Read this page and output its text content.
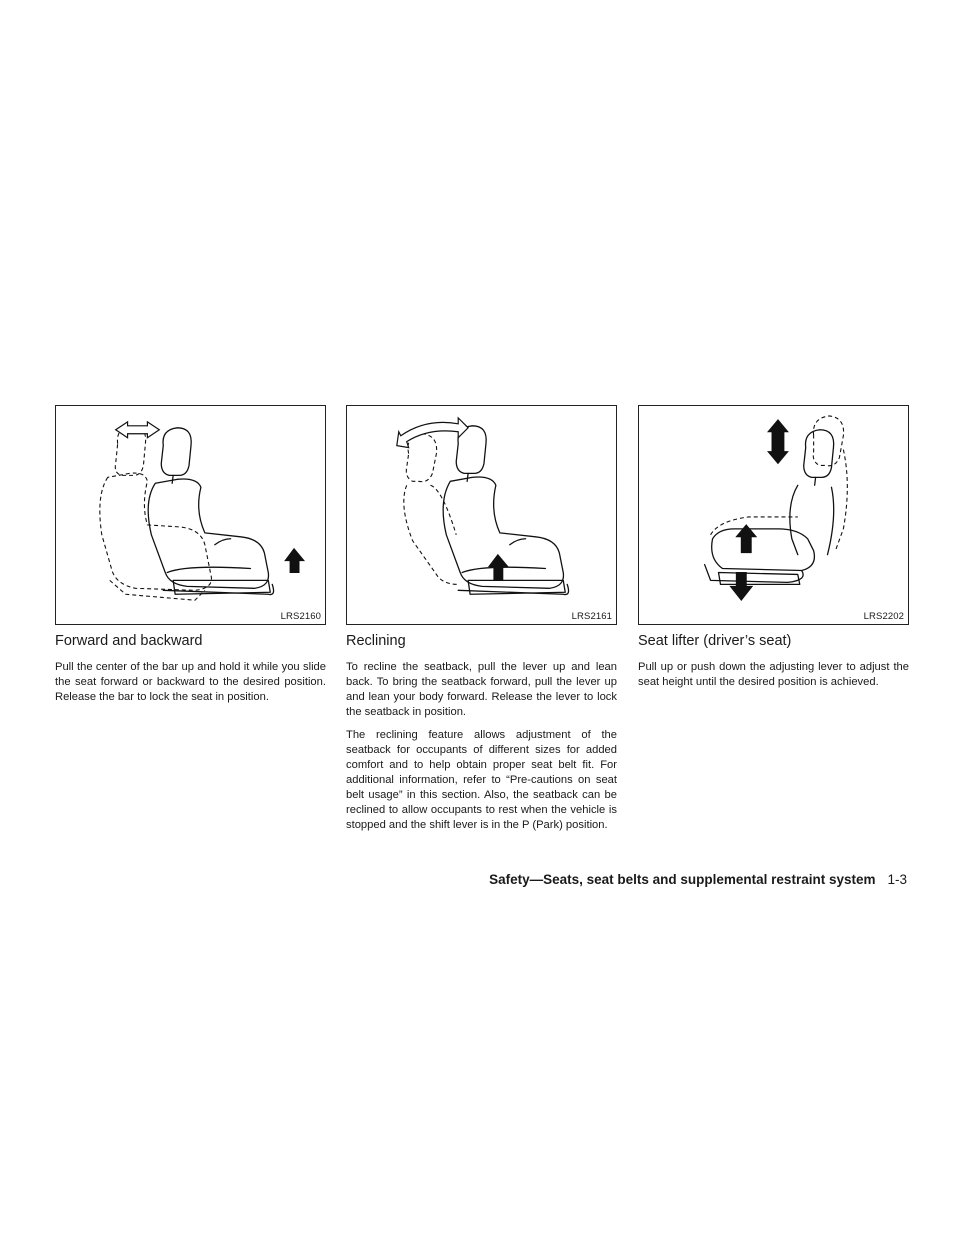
LRS2160
Forward and backward

Pull the center of the bar up and hold it while you slide the seat forward or backward to the desired position. Release the bar to lock the seat in position.

LRS2161
Reclining

To recline the seatback, pull the lever up and lean back. To bring the seatback forward, pull the lever up and lean your body forward. Release the lever to lock the seatback in position.

The reclining feature allows adjustment of the seatback for occupants of different sizes for added comfort and to help obtain proper seat belt fit. For additional information, refer to “Pre-cautions on seat belt usage” in this section. Also, the seatback can be reclined to allow occupants to rest when the vehicle is stopped and the shift lever is in the P (Park) position.

LRS2202
Seat lifter (driver’s seat)

Pull up or push down the adjusting lever to adjust the seat height until the desired position is achieved.

Safety—Seats, seat belts and supplemental restraint system 1-3
